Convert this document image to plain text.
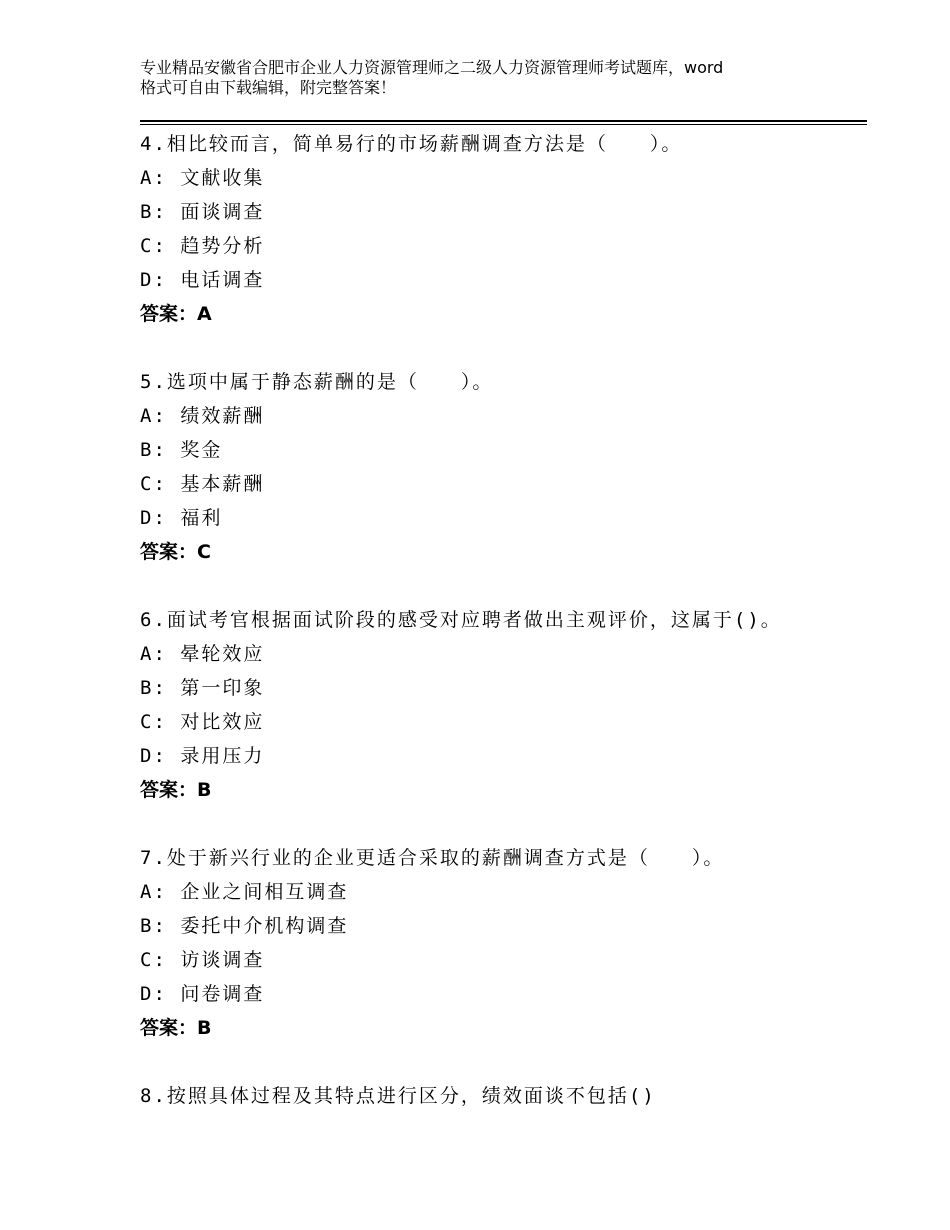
专业精品安徽省合肥市企业人力资源管理师之二级人力资源管理师考试题库，word
格式可自由下载编辑，附完整答案！
4.相比较而言，简单易行的市场薪酬调查方法是（　　）。
A: 文献收集
B: 面谈调查
C: 趋势分析
D: 电话调查
答案：A
5.选项中属于静态薪酬的是（　　）。
A: 绩效薪酬
B: 奖金
C: 基本薪酬
D: 福利
答案：C
6.面试考官根据面试阶段的感受对应聘者做出主观评价，这属于()。
A: 晕轮效应
B: 第一印象
C: 对比效应
D: 录用压力
答案：B
7.处于新兴行业的企业更适合采取的薪酬调查方式是（　　）。
A: 企业之间相互调查
B: 委托中介机构调查
C: 访谈调查
D: 问卷调查
答案：B
8.按照具体过程及其特点进行区分，绩效面谈不包括()
